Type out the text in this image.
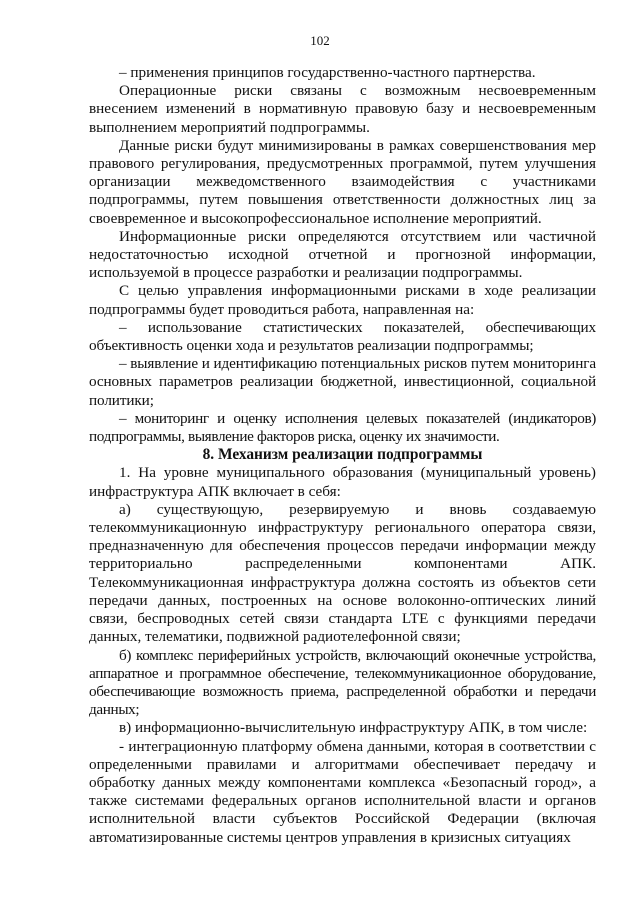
102

– применения принципов государственно-частного партнерства.

Операционные риски связаны с возможным несвоевременным внесением изменений в нормативную правовую базу и несвоевременным выполнением мероприятий подпрограммы.

Данные риски будут минимизированы в рамках совершенствования мер правового регулирования, предусмотренных программой, путем улучшения организации межведомственного взаимодействия с участниками подпрограммы, путем повышения ответственности должностных лиц за своевременное и высокопрофессиональное исполнение мероприятий.

Информационные риски определяются отсутствием или частичной недостаточностью исходной отчетной и прогнозной информации, используемой в процессе разработки и реализации подпрограммы.

С целью управления информационными рисками в ходе реализации подпрограммы будет проводиться работа, направленная на:

– использование статистических показателей, обеспечивающих объективность оценки хода и результатов реализации подпрограммы;

– выявление и идентификацию потенциальных рисков путем мониторинга основных параметров реализации бюджетной, инвестиционной, социальной политики;

– мониторинг и оценку исполнения целевых показателей (индикаторов) подпрограммы, выявление факторов риска, оценку их значимости.

8. Механизм реализации подпрограммы

1. На уровне муниципального образования (муниципальный уровень) инфраструктура АПК включает в себя:

а) существующую, резервируемую и вновь создаваемую телекоммуникационную инфраструктуру регионального оператора связи, предназначенную для обеспечения процессов передачи информации между территориально распределенными компонентами АПК. Телекоммуникационная инфраструктура должна состоять из объектов сети передачи данных, построенных на основе волоконно-оптических линий связи, беспроводных сетей связи стандарта LTE с функциями передачи данных, телематики, подвижной радиотелефонной связи;

б) комплекс периферийных устройств, включающий оконечные устройства, аппаратное и программное обеспечение, телекоммуникационное оборудование, обеспечивающие возможность приема, распределенной обработки и передачи данных;

в) информационно-вычислительную инфраструктуру АПК, в том числе:

- интеграционную платформу обмена данными, которая в соответствии с определенными правилами и алгоритмами обеспечивает передачу и обработку данных между компонентами комплекса «Безопасный город», а также системами федеральных органов исполнительной власти и органов исполнительной власти субъектов Российской Федерации (включая автоматизированные системы центров управления в кризисных ситуациях
